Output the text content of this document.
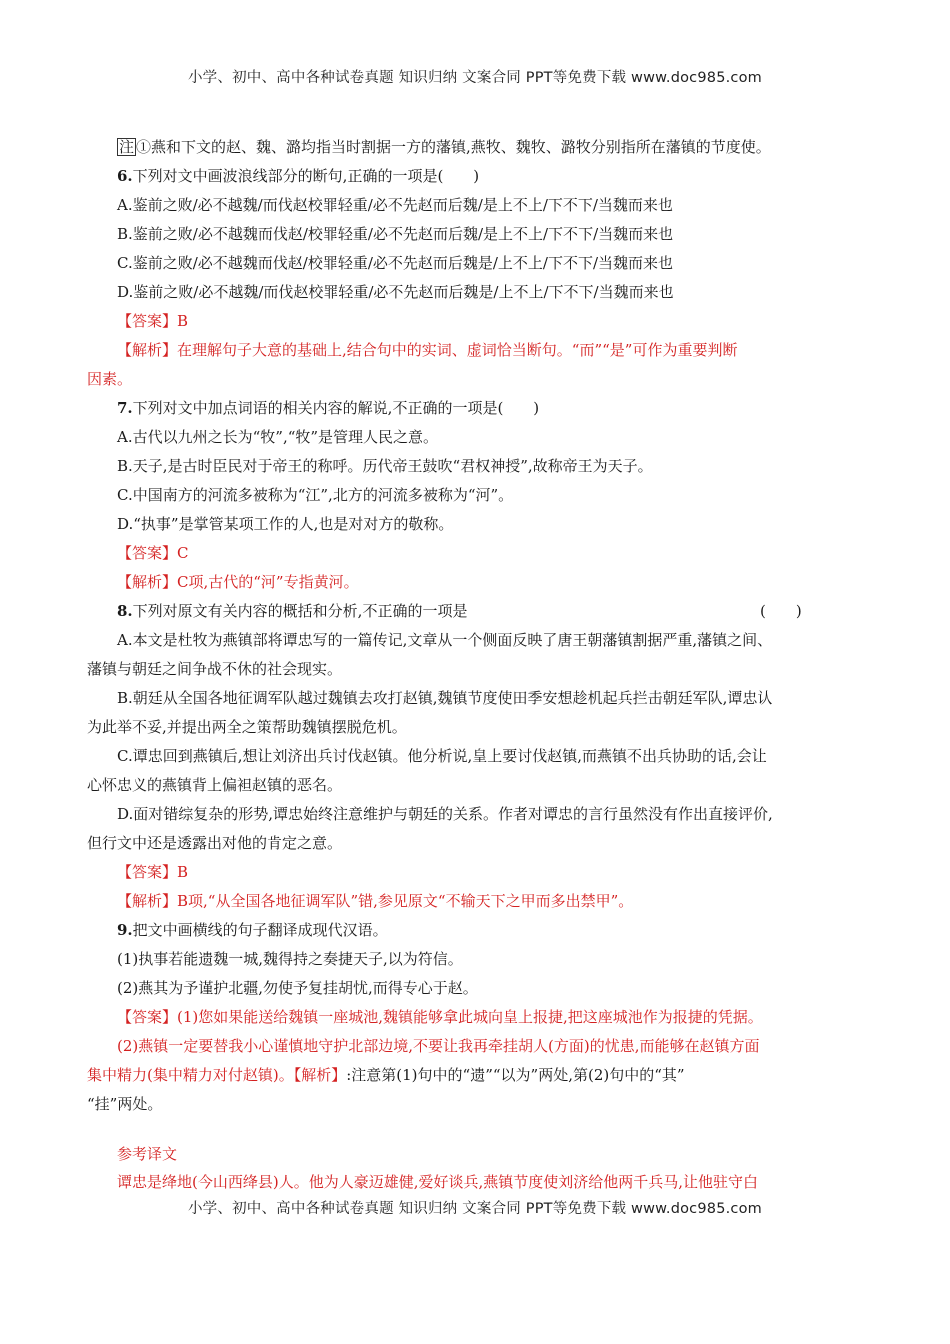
小学、初中、高中各种试卷真题 知识归纳 文案合同 PPT等免费下载 www.doc985.com
注 ①燕和下文的赵、魏、潞均指当时割据一方的藩镇,燕牧、魏牧、潞牧分别指所在藩镇的节度使。
6.下列对文中画波浪线部分的断句,正确的一项是(　　)
A.鉴前之败/必不越魏/而伐赵校罪轻重/必不先赵而后魏/是上不上/下不下/当魏而来也
B.鉴前之败/必不越魏而伐赵/校罪轻重/必不先赵而后魏/是上不上/下不下/当魏而来也
C.鉴前之败/必不越魏而伐赵/校罪轻重/必不先赵而后魏是/上不上/下不下/当魏而来也
D.鉴前之败/必不越魏/而伐赵校罪轻重/必不先赵而后魏是/上不上/下不下/当魏而来也
【答案】B
【解析】在理解句子大意的基础上,结合句中的实词、虚词恰当断句。“而”“是”可作为重要判断
因素。
7.下列对文中加点词语的相关内容的解说,不正确的一项是(　　)
A.古代以九州之长为“牧”,“牧”是管理人民之意。
B.天子,是古时臣民对于帝王的称呼。历代帝王鼓吹“君权神授”,故称帝王为天子。
C.中国南方的河流多被称为“江”,北方的河流多被称为“河”。
D.“执事”是掌管某项工作的人,也是对对方的敬称。
【答案】C
【解析】C项,古代的“河”专指黄河。
8.下列对原文有关内容的概括和分析,不正确的一项是	(　　)
A.本文是杜牧为燕镇部将谭忠写的一篇传记,文章从一个侧面反映了唐王朝藩镇割据严重,藩镇之间、
藩镇与朝廷之间争战不休的社会现实。
B.朝廷从全国各地征调军队越过魏镇去攻打赵镇,魏镇节度使田季安想趁机起兵拦击朝廷军队,谭忠认
为此举不妥,并提出两全之策帮助魏镇摆脱危机。
C.谭忠回到燕镇后,想让刘济出兵讨伐赵镇。他分析说,皇上要讨伐赵镇,而燕镇不出兵协助的话,会让
心怀忠义的燕镇背上偏袒赵镇的恶名。
D.面对错综复杂的形势,谭忠始终注意维护与朝廷的关系。作者对谭忠的言行虽然没有作出直接评价,
但行文中还是透露出对他的肯定之意。
【答案】B
【解析】B项,“从全国各地征调军队”错,参见原文“不输天下之甲而多出禁甲”。
9.把文中画横线的句子翻译成现代汉语。
(1)执事若能遗魏一城,魏得持之奏捷天子,以为符信。
(2)燕其为予谨护北疆,勿使予复挂胡忧,而得专心于赵。
【答案】(1)您如果能送给魏镇一座城池,魏镇能够拿此城向皇上报捷,把这座城池作为报捷的凭据。
(2)燕镇一定要替我小心谨慎地守护北部边境,不要让我再牵挂胡人(方面)的忧患,而能够在赵镇方面
集中精力(集中精力对付赵镇)。【解析】:注意第(1)句中的“遗”“以为”两处,第(2)句中的“其”
“挂”两处。
参考译文
谭忠是绛地(今山西绛县)人。他为人豪迈雄健,爱好谈兵,燕镇节度使刘济给他两千兵马,让他驻守白
小学、初中、高中各种试卷真题 知识归纳 文案合同 PPT等免费下载 www.doc985.com
